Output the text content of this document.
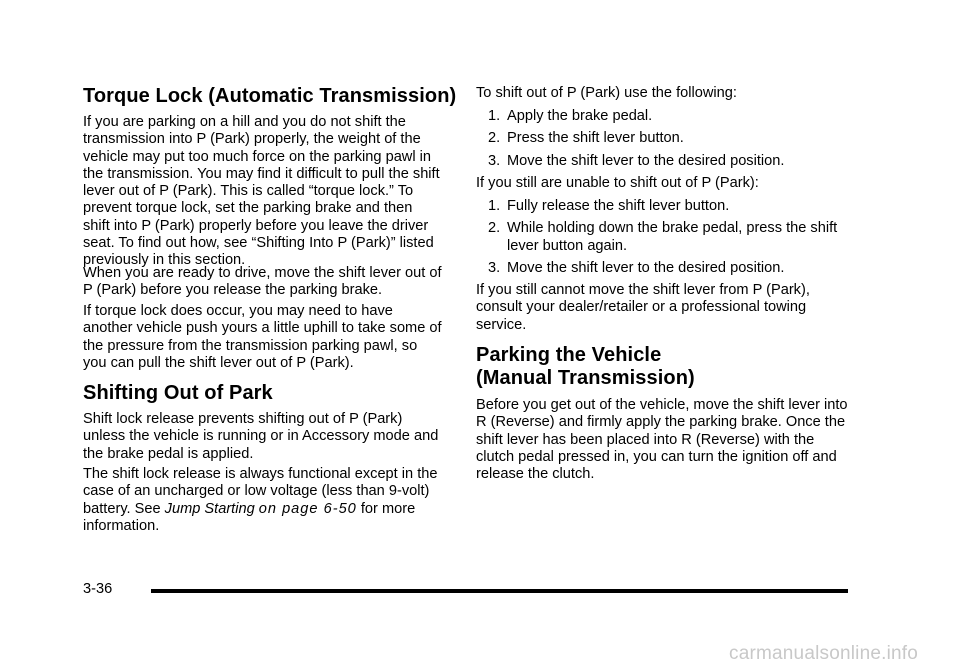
Torque Lock (Automatic Transmission)

If you are parking on a hill and you do not shift the transmission into P (Park) properly, the weight of the vehicle may put too much force on the parking pawl in the transmission. You may find it difficult to pull the shift lever out of P (Park). This is called “torque lock.” To prevent torque lock, set the parking brake and then shift into P (Park) properly before you leave the driver seat. To find out how, see “Shifting Into P (Park)” listed previously in this section.

When you are ready to drive, move the shift lever out of P (Park) before you release the parking brake.

If torque lock does occur, you may need to have another vehicle push yours a little uphill to take some of the pressure from the transmission parking pawl, so you can pull the shift lever out of P (Park).

Shifting Out of Park

Shift lock release prevents shifting out of P (Park) unless the vehicle is running or in Accessory mode and the brake pedal is applied.

The shift lock release is always functional except in the case of an uncharged or low voltage (less than 9-volt) battery. See Jump Starting on page 6-50 for more information.

To shift out of P (Park) use the following:

1. Apply the brake pedal.
2. Press the shift lever button.
3. Move the shift lever to the desired position.

If you still are unable to shift out of P (Park):

1. Fully release the shift lever button.
2. While holding down the brake pedal, press the shift lever button again.
3. Move the shift lever to the desired position.

If you still cannot move the shift lever from P (Park), consult your dealer/retailer or a professional towing service.

Parking the Vehicle
(Manual Transmission)

Before you get out of the vehicle, move the shift lever into R (Reverse) and firmly apply the parking brake. Once the shift lever has been placed into R (Reverse) with the clutch pedal pressed in, you can turn the ignition off and release the clutch.

3-36
carmanualsonline.info
